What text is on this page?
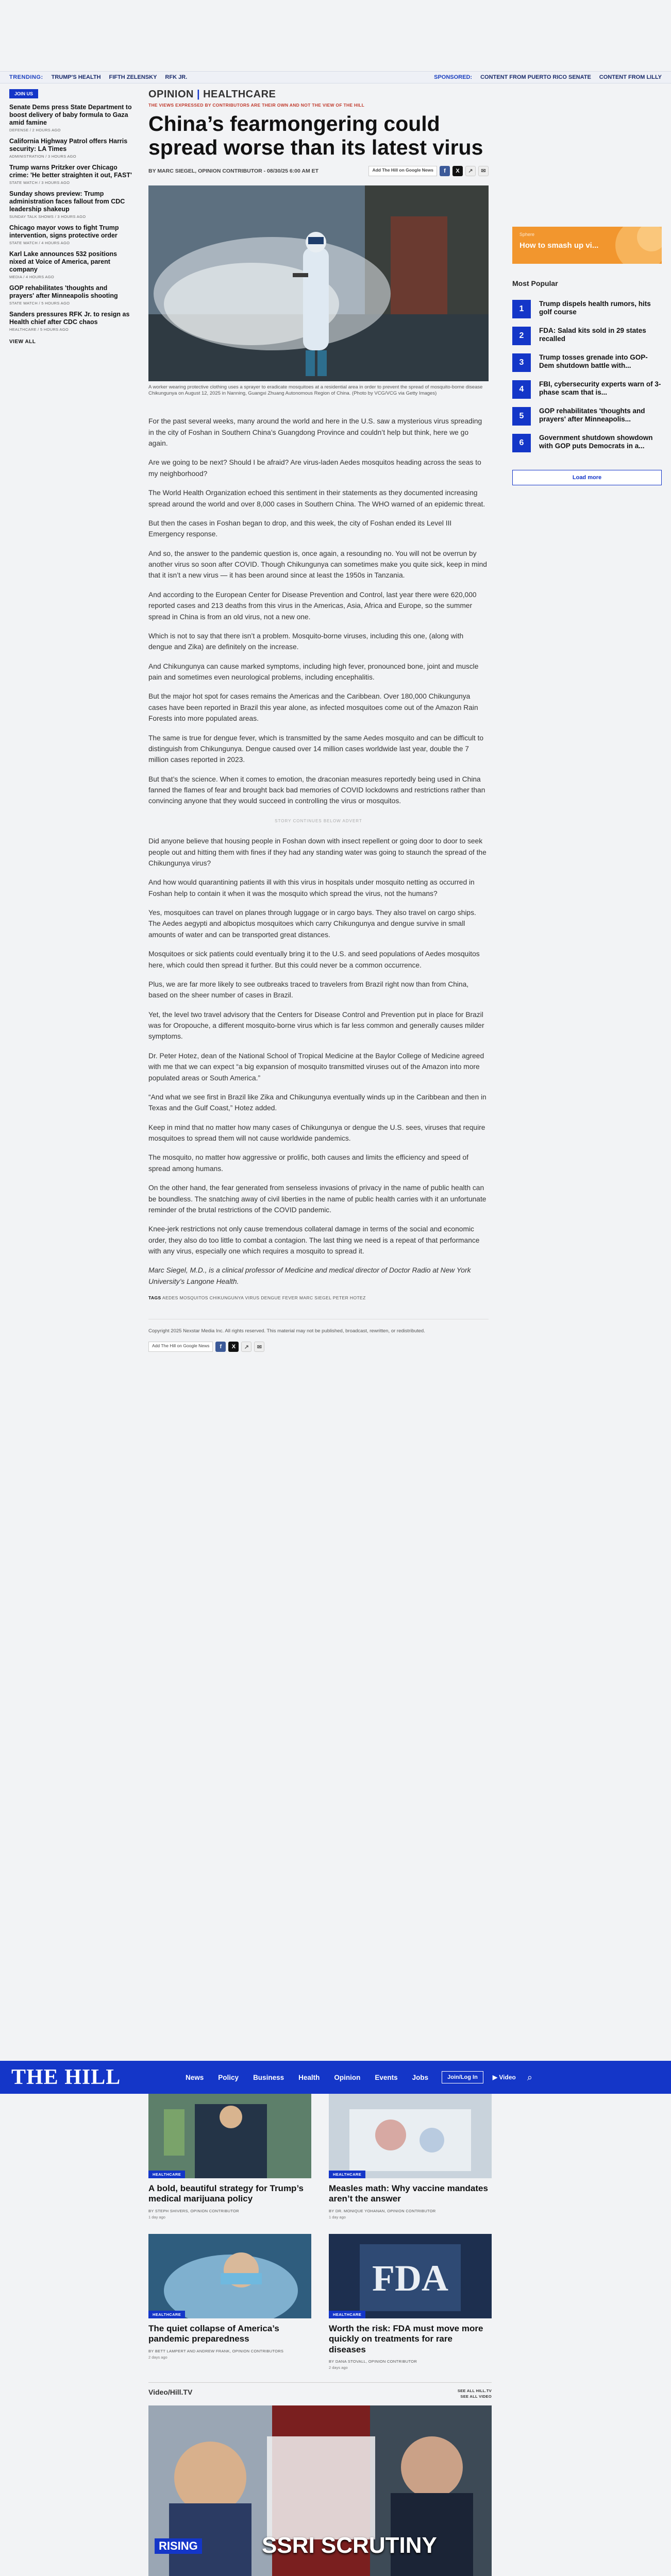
TRENDING: TRUMP'S HEALTH FIFTH ZELENSKY RFK JR.	SPONSORED: CONTENT FROM PUERTO RICO SENATE CONTENT FROM LILLY
JOIN US
Senate Dems press State Department to boost delivery of baby formula to Gaza amid famine
DEFENSE / 2 HOURS AGO
California Highway Patrol offers Harris security: LA Times
ADMINISTRATION / 3 HOURS AGO
Trump warns Pritzker over Chicago crime: 'He better straighten it out, FAST'
STATE WATCH / 3 HOURS AGO
Sunday shows preview: Trump administration faces fallout from CDC leadership shakeup
SUNDAY TALK SHOWS / 3 HOURS AGO
Chicago mayor vows to fight Trump intervention, signs protective order
STATE WATCH / 4 HOURS AGO
Karl Lake announces 532 positions nixed at Voice of America, parent company
MEDIA / 4 HOURS AGO
GOP rehabilitates 'thoughts and prayers' after Minneapolis shooting
STATE WATCH / 5 HOURS AGO
Sanders pressures RFK Jr. to resign as Health chief after CDC chaos
HEALTHCARE / 5 HOURS AGO
VIEW ALL
OPINION | HEALTHCARE
THE VIEWS EXPRESSED BY CONTRIBUTORS ARE THEIR OWN AND NOT THE VIEW OF THE HILL
China’s fearmongering could spread worse than its latest virus
BY MARC SIEGEL, OPINION CONTRIBUTOR - 08/30/25 6:00 AM ET	Add The Hill on Google News	f	X	↗	✉
A worker wearing protective clothing uses a sprayer to eradicate mosquitoes at a residential area in order to prevent the spread of mosquito-borne disease Chikungunya on August 12, 2025 in Nanning, Guangxi Zhuang Autonomous Region of China. (Photo by VCG/VCG via Getty Images)

For the past several weeks, many around the world and here in the U.S. saw a mysterious virus spreading in the city of Foshan in Southern China’s Guangdong Province and couldn’t help but think, here we go again.

Are we going to be next? Should I be afraid? Are virus-laden Aedes mosquitos heading across the seas to my neighborhood?

The World Health Organization echoed this sentiment in their statements as they documented increasing spread around the world and over 8,000 cases in Southern China. The WHO warned of an epidemic threat.

But then the cases in Foshan began to drop, and this week, the city of Foshan ended its Level III Emergency response.

And so, the answer to the pandemic question is, once again, a resounding no. You will not be overrun by another virus so soon after COVID. Though Chikungunya can sometimes make you quite sick, keep in mind that it isn’t a new virus — it has been around since at least the 1950s in Tanzania.

And according to the European Center for Disease Prevention and Control, last year there were 620,000 reported cases and 213 deaths from this virus in the Americas, Asia, Africa and Europe, so the summer spread in China is from an old virus, not a new one.

Which is not to say that there isn’t a problem. Mosquito-borne viruses, including this one, (along with dengue and Zika) are definitely on the increase.

And Chikungunya can cause marked symptoms, including high fever, pronounced bone, joint and muscle pain and sometimes even neurological problems, including encephalitis.

But the major hot spot for cases remains the Americas and the Caribbean. Over 180,000 Chikungunya cases have been reported in Brazil this year alone, as infected mosquitoes come out of the Amazon Rain Forests into more populated areas.

The same is true for dengue fever, which is transmitted by the same Aedes mosquito and can be difficult to distinguish from Chikungunya. Dengue caused over 14 million cases worldwide last year, double the 7 million cases reported in 2023.

But that’s the science. When it comes to emotion, the draconian measures reportedly being used in China fanned the flames of fear and brought back bad memories of COVID lockdowns and restrictions rather than convincing anyone that they would succeed in controlling the virus or mosquitos.

STORY CONTINUES BELOW ADVERT

Did anyone believe that housing people in Foshan down with insect repellent or going door to door to seek people out and hitting them with fines if they had any standing water was going to staunch the spread of the Chikungunya virus?

And how would quarantining patients ill with this virus in hospitals under mosquito netting as occurred in Foshan help to contain it when it was the mosquito which spread the virus, not the humans?

Yes, mosquitoes can travel on planes through luggage or in cargo bays. They also travel on cargo ships. The Aedes aegypti and albopictus mosquitoes which carry Chikungunya and dengue survive in small amounts of water and can be transported great distances.

Mosquitoes or sick patients could eventually bring it to the U.S. and seed populations of Aedes mosquitos here, which could then spread it further. But this could never be a common occurrence.

Plus, we are far more likely to see outbreaks traced to travelers from Brazil right now than from China, based on the sheer number of cases in Brazil.

Yet, the level two travel advisory that the Centers for Disease Control and Prevention put in place for Brazil was for Oropouche, a different mosquito-borne virus which is far less common and generally causes milder symptoms.

Dr. Peter Hotez, dean of the National School of Tropical Medicine at the Baylor College of Medicine agreed with me that we can expect “a big expansion of mosquito transmitted viruses out of the Amazon into more populated areas or South America.”

“And what we see first in Brazil like Zika and Chikungunya eventually winds up in the Caribbean and then in Texas and the Gulf Coast,” Hotez added.

Keep in mind that no matter how many cases of Chikungunya or dengue the U.S. sees, viruses that require mosquitoes to spread them will not cause worldwide pandemics.

The mosquito, no matter how aggressive or prolific, both causes and limits the efficiency and speed of spread among humans.

On the other hand, the fear generated from senseless invasions of privacy in the name of public health can be boundless. The snatching away of civil liberties in the name of public health carries with it an unfortunate reminder of the brutal restrictions of the COVID pandemic.

Knee-jerk restrictions not only cause tremendous collateral damage in terms of the social and economic order, they also do too little to combat a contagion. The last thing we need is a repeat of that performance with any virus, especially one which requires a mosquito to spread it.

Marc Siegel, M.D., is a clinical professor of Medicine and medical director of Doctor Radio at New York University’s Langone Health.

TAGS AEDES MOSQUITOS CHIKUNGUNYA VIRUS DENGUE FEVER MARC SIEGEL PETER HOTEZ
Copyright 2025 Nexstar Media Inc. All rights reserved. This material may not be published, broadcast, rewritten, or redistributed.
Add The Hill on Google News	f	X	↗	✉
Sphere
How to smash up vi...
Most Popular
1
Trump dispels health rumors, hits golf course
2
FDA: Salad kits sold in 29 states recalled
3
Trump tosses grenade into GOP-Dem shutdown battle with...
4
FBI, cybersecurity experts warn of 3-phase scam that is...
5
GOP rehabilitates 'thoughts and prayers' after Minneapolis...
6
Government shutdown showdown with GOP puts Democrats in a...
Load more
THE HILL	News Policy Business Health Opinion Events Jobs	Join/Log In	▶ Video ⌕
HEALTHCARE
A bold, beautiful strategy for Trump’s medical marijuana policy
BY STEPH SHIVERS, OPINION CONTRIBUTOR
1 day ago
HEALTHCARE
Measles math: Why vaccine mandates aren’t the answer
BY DR. MONIQUE YOHANAN, OPINION CONTRIBUTOR
1 day ago
HEALTHCARE
The quiet collapse of America’s pandemic preparedness
BY BETT LAMPERT AND ANDREW FRANK, OPINION CONTRIBUTORS
2 days ago
FDA
HEALTHCARE
Worth the risk: FDA must move more quickly on treatments for rare diseases
BY DANA STOVALL, OPINION CONTRIBUTOR
2 days ago
Video/Hill.TV	SEE ALL HILL.TV
SEE ALL VIDEO
SSRI SCRUTINY
RISING
